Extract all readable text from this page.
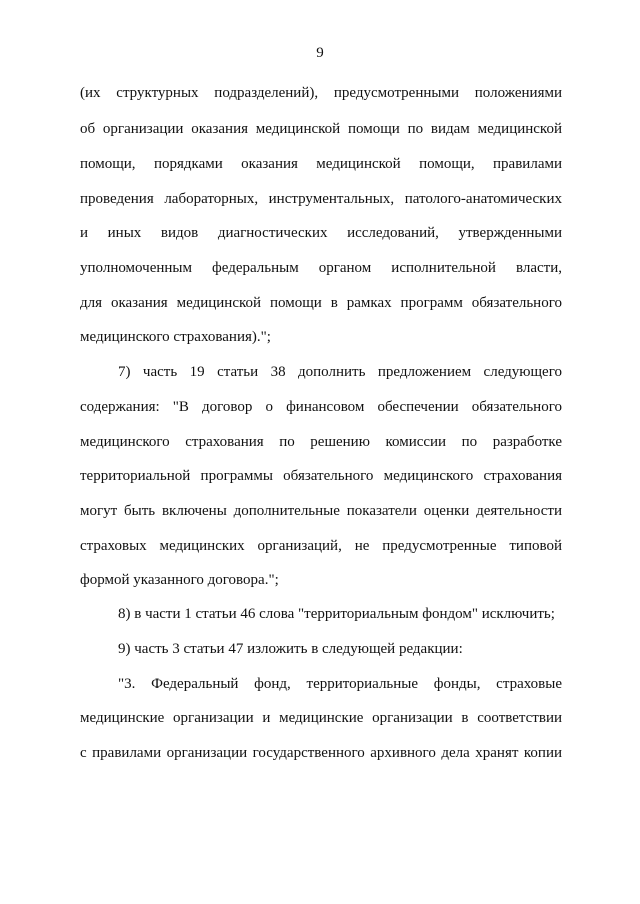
9
(их структурных подразделений), предусмотренными положениями
об организации оказания медицинской помощи по видам медицинской
помощи, порядками оказания медицинской помощи, правилами
проведения лабораторных, инструментальных, патолого-анатомических
и иных видов диагностических исследований, утвержденными
уполномоченным федеральным органом исполнительной власти,
для оказания медицинской помощи в рамках программ обязательного
медицинского страхования).";
7) часть 19 статьи 38 дополнить предложением следующего
содержания: "В договор о финансовом обеспечении обязательного
медицинского страхования по решению комиссии по разработке
территориальной программы обязательного медицинского страхования
могут быть включены дополнительные показатели оценки деятельности
страховых медицинских организаций, не предусмотренные типовой
формой указанного договора.";
8) в части 1 статьи 46 слова "территориальным фондом" исключить;
9) часть 3 статьи 47 изложить в следующей редакции:
"3. Федеральный фонд, территориальные фонды, страховые
медицинские организации и медицинские организации в соответствии
с правилами организации государственного архивного дела хранят копии
